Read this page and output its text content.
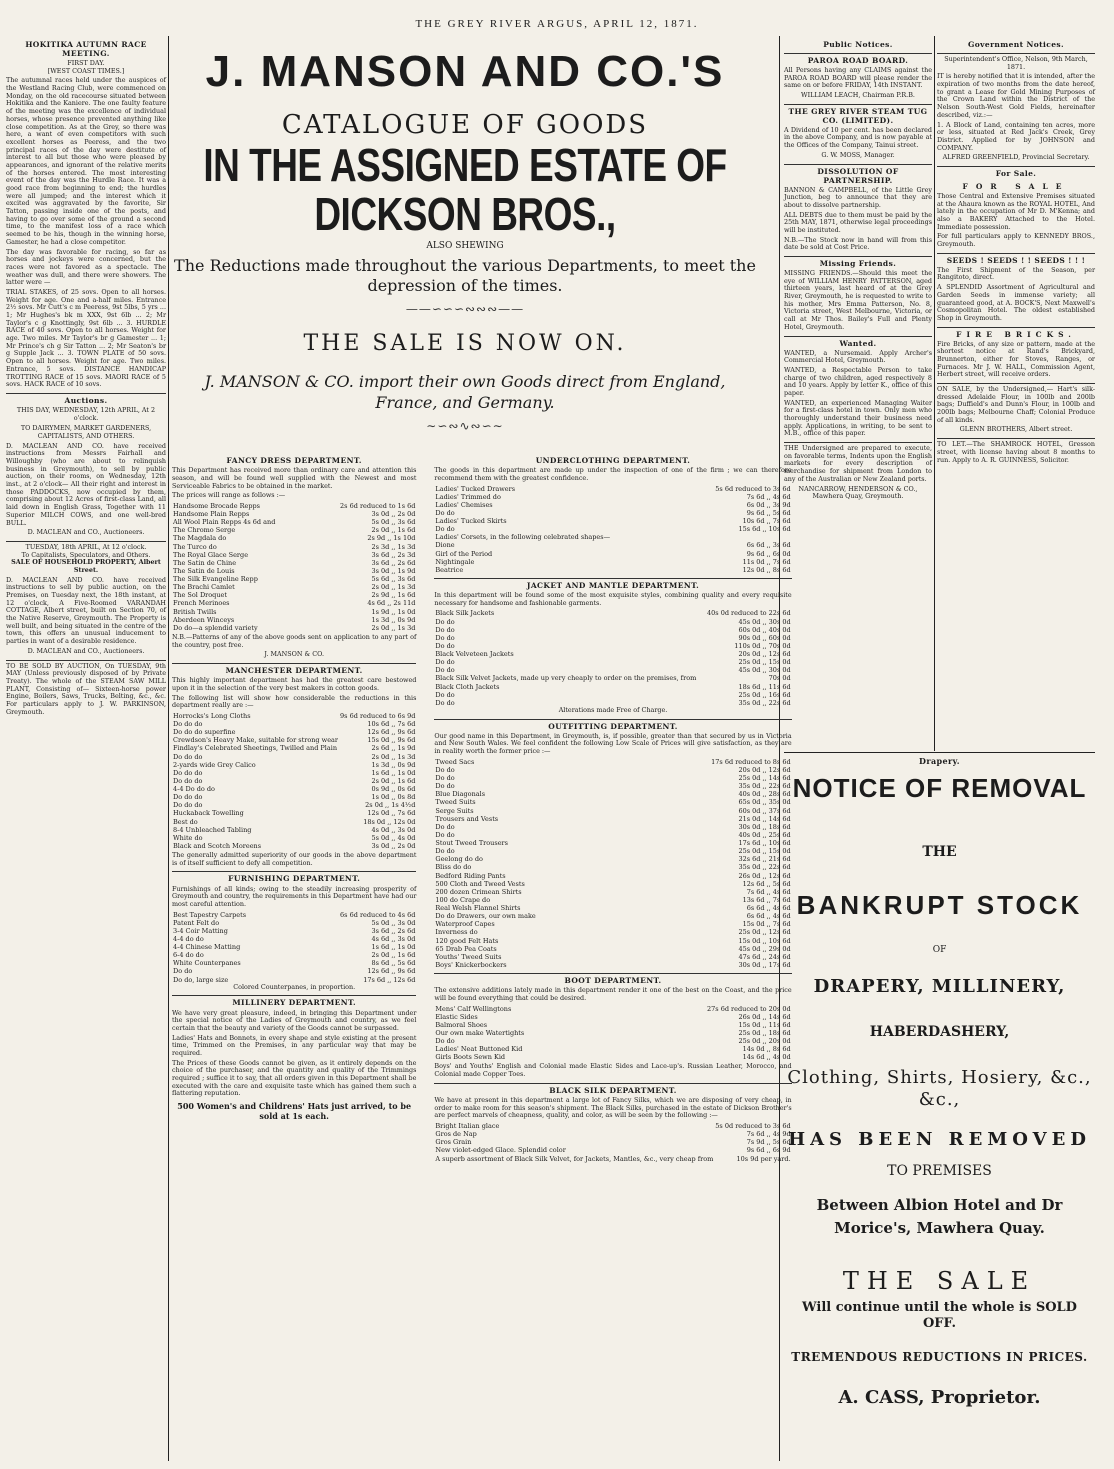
THE GREY RIVER ARGUS, APRIL 12, 1871.
HOKITIKA AUTUMN RACE MEETING.
FIRST DAY.
[WEST COAST TIMES.]

The autumnal races held under the auspices of the Westland Racing Club, were commenced on Monday, on the old racecourse situated between Hokitika and the Kaniere. The one faulty feature of the meeting was the excellence of individual horses, whose presence prevented anything like close competition. As at the Grey, so there was here, a want of even competitors with such excellent horses as Peeress, and the two principal races of the day were destitute of interest to all but those who were pleased by appearances, and ignorant of the relative merits of the horses entered. The most interesting event of the day was the Hurdle Race. It was a good race from beginning to end; the hurdles were all jumped; and the interest which it excited was aggravated by the favorite, Sir Tatton, passing inside one of the posts, and having to go over some of the ground a second time, to the manifest loss of a race which seemed to be his, though in the winning horse, Gamester, he had a close competitor.

The day was favorable for racing, so far as horses and jockeys were concerned, but the races were not favored as a spectacle. The weather was dull, and there were showers. The latter were —

TRIAL STAKES, of 25 sovs. Open to all horses. Weight for age. One and a-half miles. Entrance 2½ sovs. Mr Cutt's c m Peeress, 9st 5lbs, 5 yrs ... 1; Mr Hughes's bk m XXX, 9st 6lb ... 2; Mr Taylor's c g Knottingly, 9st 6lb ... 3. HURDLE RACE of 40 sovs. Open to all horses. Weight for age. Two miles. Mr Taylor's br g Gamester ... 1; Mr Prince's ch g Sir Tatton ... 2; Mr Seaton's br g Supple Jack ... 3. TOWN PLATE of 50 sovs. Open to all horses. Weight for age. Two miles. Entrance, 5 sovs. DISTANCE HANDICAP TROTTING RACE of 15 sovs. MAORI RACE of 5 sovs. HACK RACE of 10 sovs.

Auctions.
THIS DAY, WEDNESDAY, 12th APRIL, At 2 o'clock.
TO DAIRYMEN, MARKET GARDENERS, CAPITALISTS, AND OTHERS.

D. MACLEAN AND CO. have received instructions from Messrs Fairhall and Willoughby (who are about to relinquish business in Greymouth), to sell by public auction, on their rooms, on Wednesday, 12th inst., at 2 o'clock— All their right and interest in those PADDOCKS, now occupied by them, comprising about 12 Acres of first-class Land, all laid down in English Grass, Together with 11 Superior MILCH COWS, and one well-bred BULL.

D. MACLEAN and CO., Auctioneers.
TUESDAY, 18th APRIL, At 12 o'clock.
To Capitalists, Speculators, and Others.
SALE OF HOUSEHOLD PROPERTY, Albert Street.

D. MACLEAN AND CO. have received instructions to sell by public auction, on the Premises, on Tuesday next, the 18th instant, at 12 o'clock, A Five-Roomed VARANDAH COTTAGE, Albert street, built on Section 70, of the Native Reserve, Greymouth. The Property is well built, and being situated in the centre of the town, this offers an unusual inducement to parties in want of a desirable residence.

D. MACLEAN and CO., Auctioneers.

TO BE SOLD BY AUCTION, On TUESDAY, 9th MAY (Unless previously disposed of by Private Treaty). The whole of the STEAM SAW MILL PLANT, Consisting of— Sixteen-horse power Engine, Boilers, Saws, Trucks, Belting, &c., &c. For particulars apply to J. W. PARKINSON, Greymouth.

J. MANSON AND CO.'S
CATALOGUE OF GOODS
IN THE ASSIGNED ESTATE OF DICKSON BROS.,
ALSO SHEWING
The Reductions made throughout the various Departments, to meet the depression of the times.
——∽∽∽∾∾∾——
THE SALE IS NOW ON.
J. MANSON & CO. import their own Goods direct from England, France, and Germany.
∼∽∾∿∾∽∼
FANCY DRESS DEPARTMENT.

This Department has received more than ordinary care and attention this season, and will be found well supplied with the Newest and most Serviceable Fabrics to be obtained in the market.

The prices will range as follows :—

Handsome Brocade Repps	2s 6d reduced to 1s 6d
Handsome Plain Repps	3s 0d ,, 2s 0d
All Wool Plain Repps 4s 6d and	5s 0d ,, 3s 6d
The Chromo Serge	2s 0d ,, 1s 6d
The Magdala do	2s 9d ,, 1s 10d
The Turco do	2s 3d ,, 1s 3d
The Royal Glace Serge	3s 6d ,, 2s 3d
The Satin de Chine	3s 6d ,, 2s 6d
The Satin de Louis	3s 0d ,, 1s 9d
The Silk Evangeline Repp	5s 6d ,, 3s 6d
The Brachi Camlet	2s 0d ,, 1s 3d
The Sol Droquet	2s 9d ,, 1s 6d
French Merinoes	4s 6d ,, 2s 11d
British Twills	1s 9d ,, 1s 0d
Aberdeen Winceys	1s 3d ,, 0s 9d
Do do—a splendid variety	2s 0d ,, 1s 3d

N.B.—Patterns of any of the above goods sent on application to any part of the country, post free.

J. MANSON & CO.
MANCHESTER DEPARTMENT.

This highly important department has had the greatest care bestowed upon it in the selection of the very best makers in cotton goods.

The following list will show how considerable the reductions in this department really are :—

Horrocks's Long Cloths	9s 6d reduced to 6s 9d
Do do do	10s 6d ,, 7s 6d
Do do do superfine	12s 6d ,, 9s 6d
Crewdson's Heavy Make, suitable for strong wear	15s 0d ,, 9s 6d
Findlay's Celebrated Sheetings, Twilled and Plain	2s 6d ,, 1s 9d
Do do do	2s 0d ,, 1s 3d
2-yards wide Grey Calico	1s 3d ,, 0s 9d
Do do do	1s 6d ,, 1s 0d
Do do do	2s 0d ,, 1s 6d
4-4 Do do do	0s 9d ,, 0s 6d
Do do do	1s 0d ,, 0s 8d
Do do do	2s 0d ,, 1s 4½d
Huckaback Towelling	12s 0d ,, 7s 6d
Best do	18s 0d ,, 12s 0d
8-4 Unbleached Tabling	4s 0d ,, 3s 0d
White do	5s 0d ,, 4s 0d
Black and Scotch Moreens	3s 0d ,, 2s 0d

The generally admitted superiority of our goods in the above department is of itself sufficient to defy all competition.

FURNISHING DEPARTMENT.

Furnishings of all kinds; owing to the steadily increasing prosperity of Greymouth and country, the requirements in this Department have had our most careful attention.

Best Tapestry Carpets	6s 6d reduced to 4s 6d
Patent Felt do	5s 0d ,, 3s 0d
3-4 Coir Matting	3s 6d ,, 2s 6d
4-4 do do	4s 6d ,, 3s 0d
4-4 Chinese Matting	1s 6d ,, 1s 0d
6-4 do do	2s 0d ,, 1s 6d
White Counterpanes	8s 6d ,, 5s 6d
Do do	12s 6d ,, 9s 6d
Do do, large size	17s 6d ,, 12s 6d
Colored Counterpanes, in proportion.
MILLINERY DEPARTMENT.

We have very great pleasure, indeed, in bringing this Department under the special notice of the Ladies of Greymouth and country, as we feel certain that the beauty and variety of the Goods cannot be surpassed.

Ladies' Hats and Bonnets, in every shape and style existing at the present time, Trimmed on the Premises, in any particular way that may be required.

The Prices of these Goods cannot be given, as it entirely depends on the choice of the purchaser, and the quantity and quality of the Trimmings required ; suffice it to say, that all orders given in this Department shall be executed with the care and exquisite taste which has gained them such a flattering reputation.

500 Women's and Childrens' Hats just arrived, to be sold at 1s each.
UNDERCLOTHING DEPARTMENT.

The goods in this department are made up under the inspection of one of the firm ; we can therefore recommend them with the greatest confidence.

Ladies' Tucked Drawers	5s 6d reduced to 3s 6d
Ladies' Trimmed do	7s 6d ,, 4s 6d
Ladies' Chemises	6s 0d ,, 3s 9d
Do do	9s 6d ,, 5s 6d
Ladies' Tucked Skirts	10s 6d ,, 7s 6d
Do do	15s 6d ,, 10s 6d
Ladies' Corsets, in the following celebrated shapes—	
Dione	6s 6d ,, 3s 6d
Girl of the Period	9s 6d ,, 6s 0d
Nightingale	11s 0d ,, 7s 6d
Beatrice	12s 0d ,, 8s 6d
JACKET AND MANTLE DEPARTMENT.

In this department will be found some of the most exquisite styles, combining quality and every requisite necessary for handsome and fashionable garments.

Black Silk Jackets	40s 0d reduced to 22s 6d
Do do	45s 0d ,, 30s 0d
Do do	60s 0d ,, 40s 0d
Do do	90s 0d ,, 60s 0d
Do do	110s 0d ,, 70s 0d
Black Velveteen Jackets	20s 0d ,, 12s 6d
Do do	25s 0d ,, 15s 0d
Do do	45s 0d ,, 30s 0d
Black Silk Velvet Jackets, made up very cheaply to order on the premises, from	70s 0d
Black Cloth Jackets	18s 6d ,, 11s 6d
Do do	25s 0d ,, 16s 6d
Do do	35s 0d ,, 22s 6d
Alterations made Free of Charge.
OUTFITTING DEPARTMENT.

Our good name in this Department, in Greymouth, is, if possible, greater than that secured by us in Victoria and New South Wales. We feel confident the following Low Scale of Prices will give satisfaction, as they are in reality worth the former price :—

Tweed Sacs	17s 6d reduced to 8s 6d
Do do	20s 0d ,, 12s 6d
Do do	25s 0d ,, 14s 6d
Do do	35s 0d ,, 22s 6d
Blue Diagonals	40s 0d ,, 28s 6d
Tweed Suits	65s 0d ,, 35s 0d
Serge Suits	60s 0d ,, 37s 6d
Trousers and Vests	21s 0d ,, 14s 6d
Do do	30s 0d ,, 18s 6d
Do do	40s 0d ,, 25s 6d
Stout Tweed Trousers	17s 6d ,, 10s 6d
Do do	25s 0d ,, 15s 0d
Geelong do do	32s 6d ,, 21s 6d
Bliss do do	35s 0d ,, 22s 6d
Bedford Riding Pants	26s 0d ,, 12s 6d
500 Cloth and Tweed Vests	12s 6d ,, 5s 6d
200 dozen Crimean Shirts	7s 6d ,, 4s 6d
100 do Crape do	13s 6d ,, 7s 6d
Real Welsh Flannel Shirts	6s 6d ,, 4s 6d
Do do Drawers, our own make	6s 6d ,, 4s 6d
Waterproof Capes	15s 0d ,, 7s 6d
Inverness do	25s 0d ,, 12s 6d
120 good Felt Hats	15s 0d ,, 10s 6d
65 Drab Pea Coats	45s 0d ,, 29s 0d
Youths' Tweed Suits	47s 6d ,, 24s 6d
Boys' Knickerbockers	30s 0d ,, 17s 6d
BOOT DEPARTMENT.

The extensive additions lately made in this department render it one of the best on the Coast, and the price will be found everything that could be desired.

Mens' Calf Wellingtons	27s 6d reduced to 20s 0d
Elastic Sides	26s 0d ,, 14s 6d
Balmoral Shoes	15s 0d ,, 11s 6d
Our own make Watertights	25s 0d ,, 18s 6d
Do do	25s 0d ,, 20s 0d
Ladies' Neat Buttoned Kid	14s 0d ,, 8s 6d
Girls Boots Sewn Kid	14s 6d ,, 4s 0d

Boys' and Youths' English and Colonial made Elastic Sides and Lace-up's. Russian Leather, Morocco, and Colonial made Copper Toes.

BLACK SILK DEPARTMENT.

We have at present in this department a large lot of Fancy Silks, which we are disposing of very cheap, in order to make room for this season's shipment. The Black Silks, purchased in the estate of Dickson Brother's are perfect marvels of cheapness, quality, and color, as will be seen by the following :—

Bright Italian glace	5s 0d reduced to 3s 6d
Gros de Nap	7s 6d ,, 4s 9d
Gros Grain	7s 9d ,, 5s 6d
New violet-edged Glace. Splendid color	9s 6d ,, 6s 9d
A superb assortment of Black Silk Velvet, for Jackets, Mantles, &c., very cheap from	10s 9d per yard.
Public Notices.
PAROA ROAD BOARD.

All Persons having any CLAIMS against the PAROA ROAD BOARD will please render the same on or before FRIDAY, 14th INSTANT.

WILLIAM LEACH, Chairman P.R.B.
THE GREY RIVER STEAM TUG CO. (LIMITED).

A Dividend of 10 per cent. has been declared in the above Company, and is now payable at the Offices of the Company, Tainui street.

G. W. MOSS, Manager.
DISSOLUTION OF PARTNERSHIP.

BANNON & CAMPBELL, of the Little Grey Junction, beg to announce that they are about to dissolve partnership.

ALL DEBTS due to them must be paid by the 25th MAY, 1871, otherwise legal proceedings will be instituted.

N.B.—The Stock now in hand will from this date be sold at Cost Price.

Missing Friends.

MISSING FRIENDS.—Should this meet the eye of WILLIAM HENRY PATTERSON, aged thirteen years, last heard of at the Grey River, Greymouth, he is requested to write to his mother, Mrs Emma Patterson, No. 8, Victoria street, West Melbourne, Victoria, or call at Mr Thos. Bailey's Full and Plenty Hotel, Greymouth.

Wanted.

WANTED, a Nursemaid. Apply Archer's Commercial Hotel, Greymouth.

WANTED, a Respectable Person to take charge of two children, aged respectively 8 and 10 years. Apply by letter K., office of this paper.

WANTED, an experienced Managing Waiter for a first-class hotel in town. Only men who thoroughly understand their business need apply. Applications, in writing, to be sent to M.B., office of this paper.

THE Undersigned are prepared to execute, on favorable terms, Indents upon the English markets for every description of merchandise for shipment from London to any of the Australian or New Zealand ports.

NANCARROW, HENDERSON & CO., Mawhera Quay, Greymouth.
Government Notices.
Superintendent's Office, Nelson, 9th March, 1871.

IT is hereby notified that it is intended, after the expiration of two months from the date hereof, to grant a Lease for Gold Mining Purposes of the Crown Land within the District of the Nelson South-West Gold Fields, hereinafter described, viz.:—

1. A Block of Land, containing ten acres, more or less, situated at Red Jack's Creek, Grey District. Applied for by JOHNSON and COMPANY.

ALFRED GREENFIELD, Provincial Secretary.
For Sale.
FOR SALE

Those Central and Extensive Premises situated at the Ahaura known as the ROYAL HOTEL, And lately in the occupation of Mr D. M'Kenna; and also a BAKERY Attached to the Hotel. Immediate possession.

For full particulars apply to KENNEDY BROS., Greymouth.

SEEDS ! SEEDS ! ! SEEDS ! ! !

The First Shipment of the Season, per Rangitoto, direct.

A SPLENDID Assortment of Agricultural and Garden Seeds in immense variety; all guaranteed good, at A. BOCK'S, Next Maxwell's Cosmopolitan Hotel. The oldest established Shop in Greymouth.

FIRE BRICKS.

Fire Bricks, of any size or pattern, made at the shortest notice at Rand's Brickyard, Brunnerton, either for Stoves, Ranges, or Furnaces. Mr J. W. HALL, Commission Agent, Herbert street, will receive orders.

ON SALE, by the Undersigned,— Hart's silk-dressed Adelaide Flour, in 100lb and 200lb bags; Duffield's and Dunn's Flour, in 100lb and 200lb bags; Melbourne Chaff; Colonial Produce of all kinds.

GLENN BROTHERS, Albert street.

TO LET.—The SHAMROCK HOTEL, Gresson street, with license having about 8 months to run. Apply to A. R. GUINNESS, Solicitor.

Drapery.
NOTICE OF REMOVAL
THE
BANKRUPT STOCK
OF
DRAPERY, MILLINERY,
HABERDASHERY,
Clothing, Shirts, Hosiery, &c., &c.,
HAS BEEN REMOVED
TO PREMISES
Between Albion Hotel and Dr Morice's, Mawhera Quay.
THE SALE
Will continue until the whole is SOLD OFF.
TREMENDOUS REDUCTIONS IN PRICES.
A. CASS, Proprietor.
